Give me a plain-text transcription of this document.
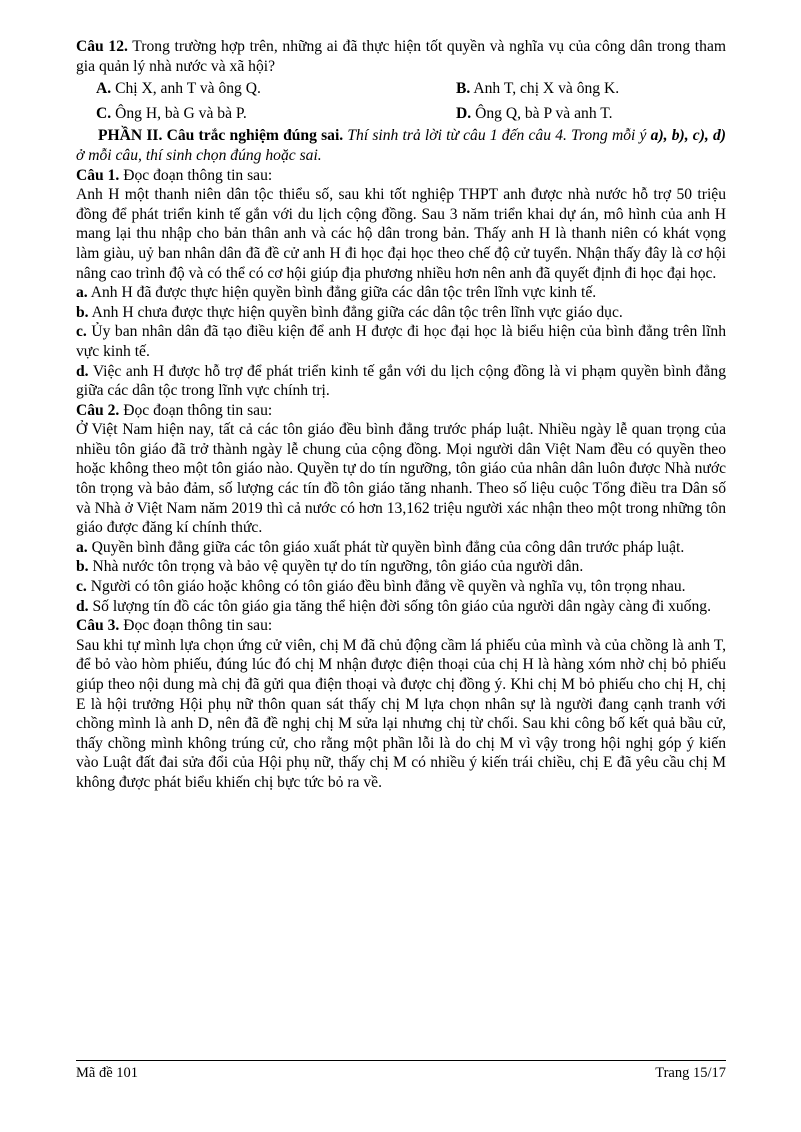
Câu 12. Trong trường hợp trên, những ai đã thực hiện tốt quyền và nghĩa vụ của công dân trong tham gia quản lý nhà nước và xã hội?

A. Chị X, anh T và ông Q.	B. Anh T, chị X và ông K.
C. Ông H, bà G và bà P.	D. Ông Q, bà P và anh T.

PHẦN II. Câu trắc nghiệm đúng sai. Thí sinh trả lời từ câu 1 đến câu 4. Trong mỗi ý a), b), c), d) ở mỗi câu, thí sinh chọn đúng hoặc sai.

Câu 1. Đọc đoạn thông tin sau:

Anh H một thanh niên dân tộc thiểu số, sau khi tốt nghiệp THPT anh được nhà nước hỗ trợ 50 triệu đồng để phát triển kinh tế gắn với du lịch cộng đồng. Sau 3 năm triển khai dự án, mô hình của anh H mang lại thu nhập cho bản thân anh và các hộ dân trong bản. Thấy anh H là thanh niên có khát vọng làm giàu, uỷ ban nhân dân đã đề cử anh H đi học đại học theo chế độ cử tuyển. Nhận thấy đây là cơ hội nâng cao trình độ và có thể có cơ hội giúp địa phương nhiều hơn nên anh đã quyết định đi học đại học.

a. Anh H đã được thực hiện quyền bình đẳng giữa các dân tộc trên lĩnh vực kinh tế.

b. Anh H chưa được thực hiện quyền bình đẳng giữa các dân tộc trên lĩnh vực giáo dục.

c. Ủy ban nhân dân đã tạo điều kiện để anh H được đi học đại học là biểu hiện của bình đẳng trên lĩnh vực kinh tế.

d. Việc anh H được hỗ trợ để phát triển kinh tế gắn với du lịch cộng đồng là vi phạm quyền bình đẳng giữa các dân tộc trong lĩnh vực chính trị.

Câu 2. Đọc đoạn thông tin sau:

Ở Việt Nam hiện nay, tất cả các tôn giáo đều bình đẳng trước pháp luật. Nhiều ngày lễ quan trọng của nhiều tôn giáo đã trở thành ngày lễ chung của cộng đồng. Mọi người dân Việt Nam đều có quyền theo hoặc không theo một tôn giáo nào. Quyền tự do tín ngưỡng, tôn giáo của nhân dân luôn được Nhà nước tôn trọng và bảo đảm, số lượng các tín đồ tôn giáo tăng nhanh. Theo số liệu cuộc Tổng điều tra Dân số và Nhà ở Việt Nam năm 2019 thì cả nước có hơn 13,162 triệu người xác nhận theo một trong những tôn giáo được đăng kí chính thức.

a. Quyền bình đẳng giữa các tôn giáo xuất phát từ quyền bình đẳng của công dân trước pháp luật.

b. Nhà nước tôn trọng và bảo vệ quyền tự do tín ngưỡng, tôn giáo của người dân.

c. Người có tôn giáo hoặc không có tôn giáo đều bình đẳng về quyền và nghĩa vụ, tôn trọng nhau.

d. Số lượng tín đồ các tôn giáo gia tăng thể hiện đời sống tôn giáo của người dân ngày càng đi xuống.

Câu 3. Đọc đoạn thông tin sau:

Sau khi tự mình lựa chọn ứng cử viên, chị M đã chủ động cầm lá phiếu của mình và của chồng là anh T, để bỏ vào hòm phiếu, đúng lúc đó chị M nhận được điện thoại của chị H là hàng xóm nhờ chị bỏ phiếu giúp theo nội dung mà chị đã gửi qua điện thoại và được chị đồng ý. Khi chị M bỏ phiếu cho chị H, chị E là hội trưởng Hội phụ nữ thôn quan sát thấy chị M lựa chọn nhân sự là người đang cạnh tranh với chồng mình là anh D, nên đã đề nghị chị M sửa lại nhưng chị từ chối. Sau khi công bố kết quả bầu cử, thấy chồng mình không trúng cử, cho rằng một phần lỗi là do chị M vì vậy trong hội nghị góp ý kiến vào Luật đất đai sửa đổi của Hội phụ nữ, thấy chị M có nhiều ý kiến trái chiều, chị E đã yêu cầu chị M không được phát biểu khiến chị bực tức bỏ ra về.

Mã đề 101	Trang 15/17
